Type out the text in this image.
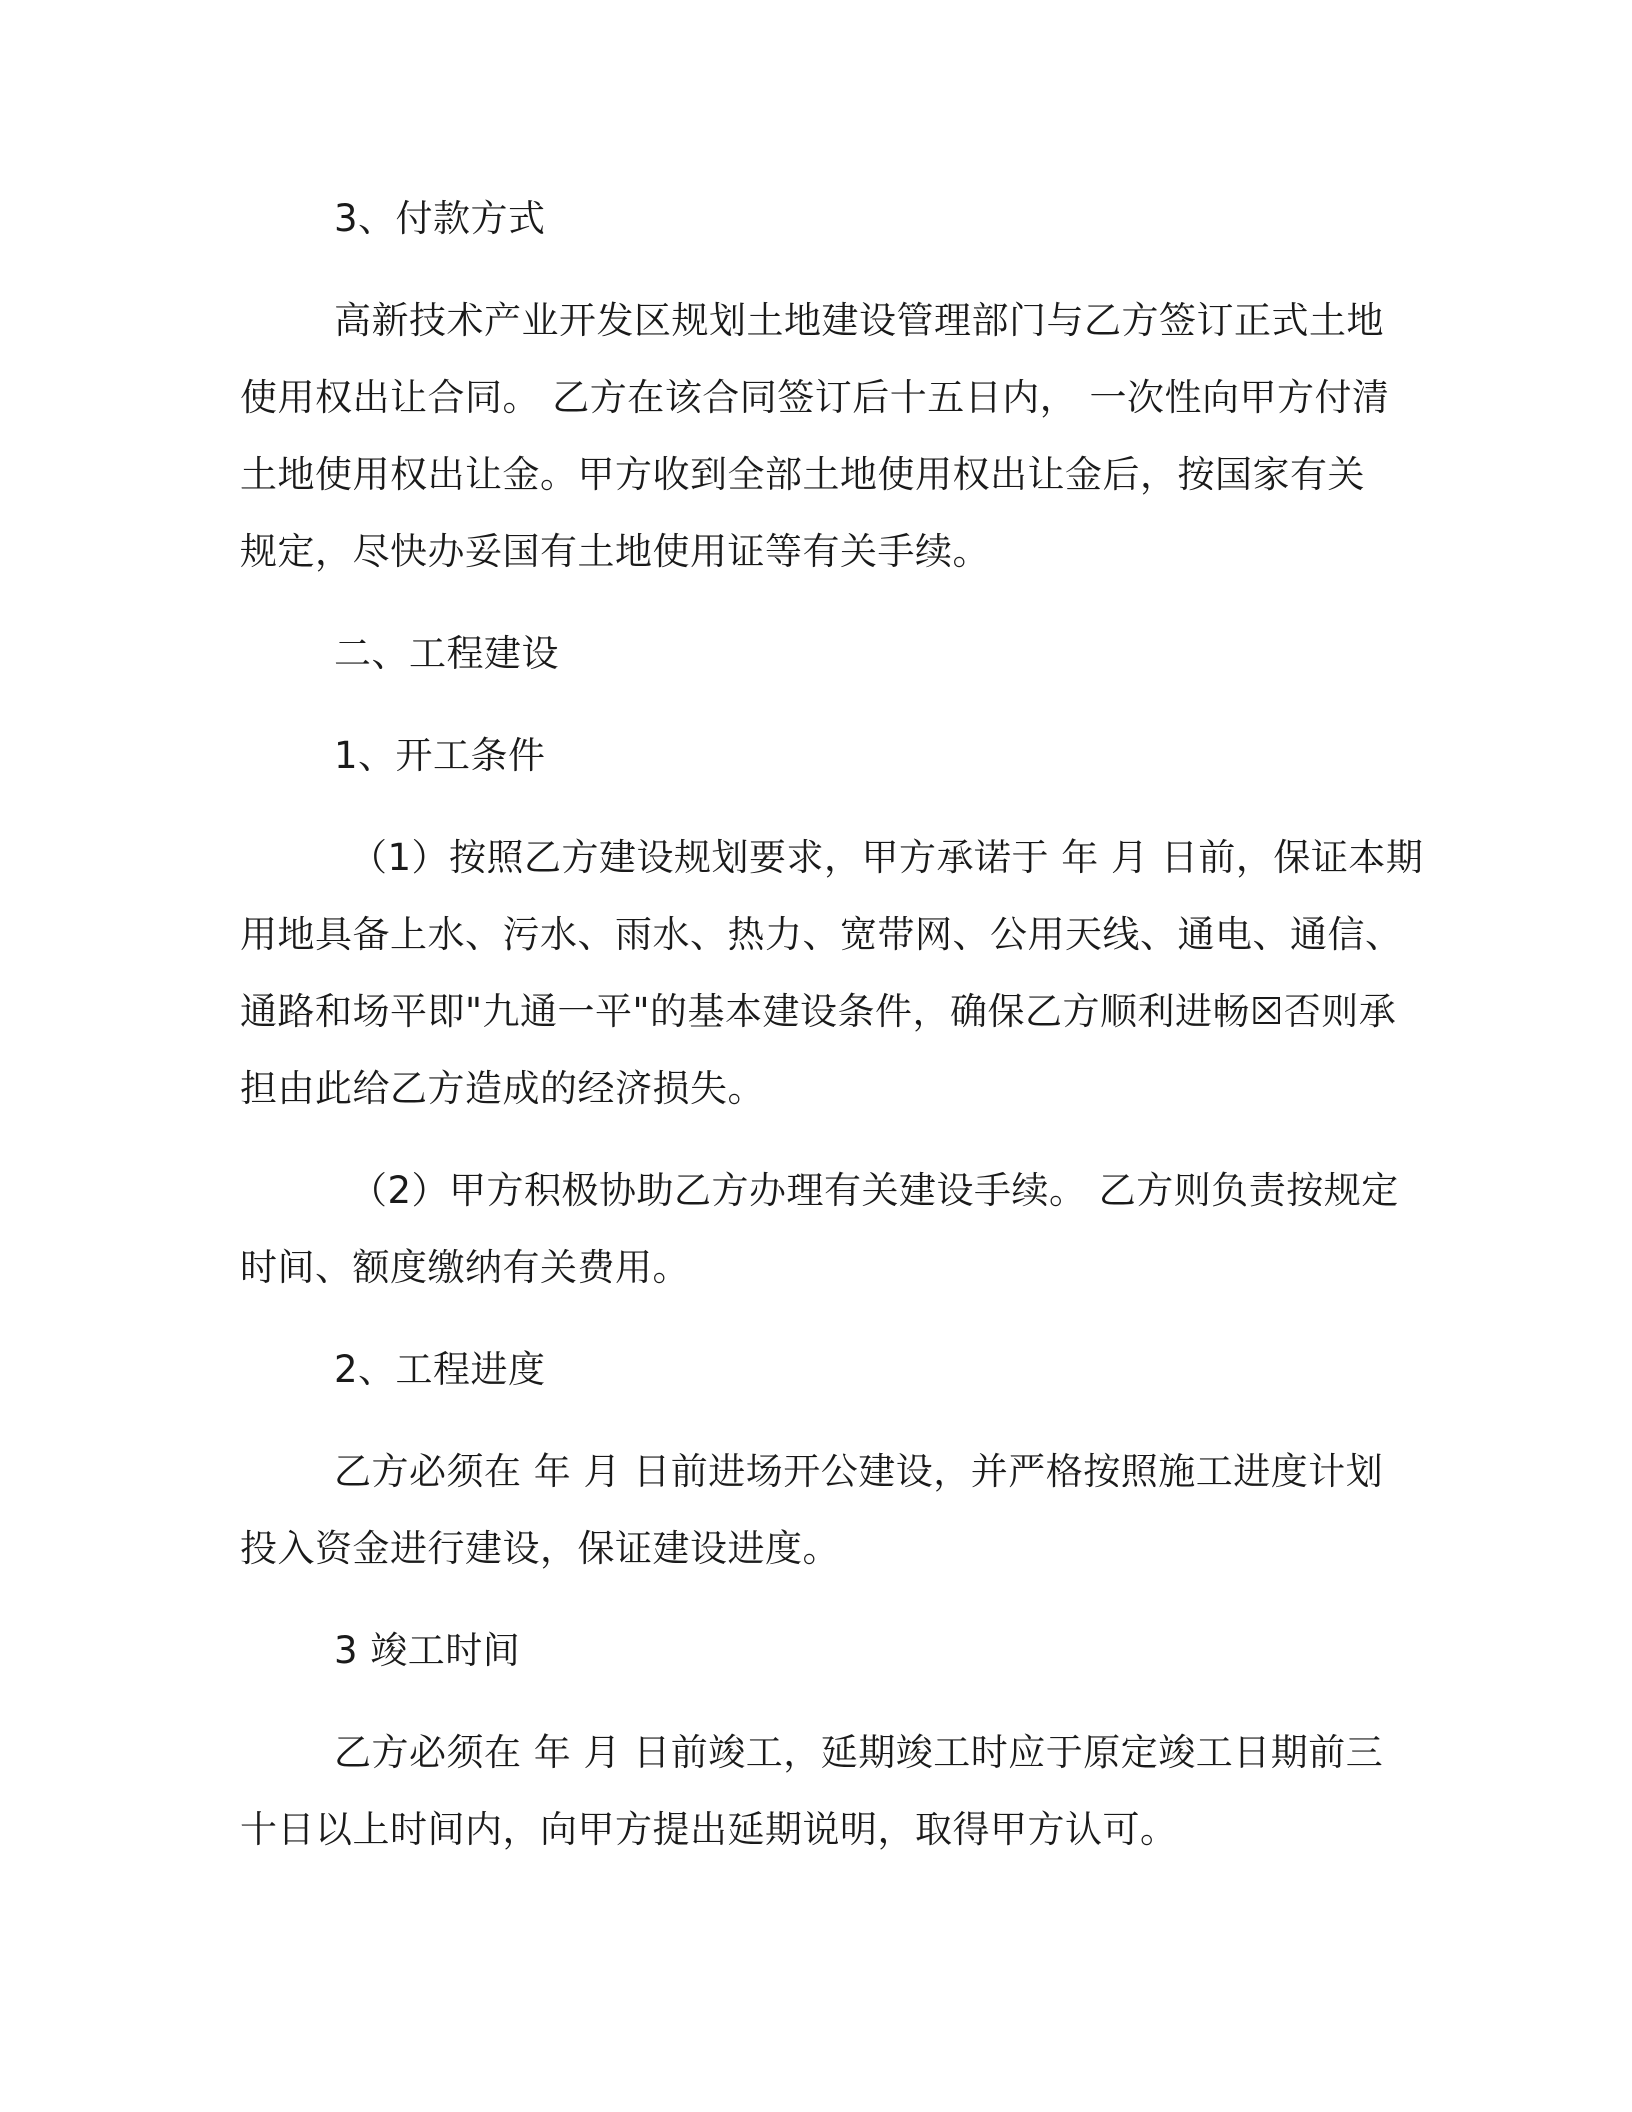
3、付款方式
高新技术产业开发区规划土地建设管理部门与乙方签订正式土地
使用权出让合同。 乙方在该合同签订后十五日内， 一次性向甲方付清
土地使用权出让金。甲方收到全部土地使用权出让金后，按国家有关
规定，尽快办妥国有土地使用证等有关手续。
二、工程建设
1、开工条件
（1）按照乙方建设规划要求，甲方承诺于 年 月 日前，保证本期
用地具备上水、污水、雨水、热力、宽带网、公用天线、通电、通信、
通路和场平即"九通一平"的基本建设条件，确保乙方顺利进畅☒否则承
担由此给乙方造成的经济损失。
（2）甲方积极协助乙方办理有关建设手续。 乙方则负责按规定
时间、额度缴纳有关费用。
2、工程进度
乙方必须在 年 月 日前进场开公建设，并严格按照施工进度计划
投入资金进行建设，保证建设进度。
3 竣工时间
乙方必须在 年 月 日前竣工，延期竣工时应于原定竣工日期前三
十日以上时间内，向甲方提出延期说明，取得甲方认可。
